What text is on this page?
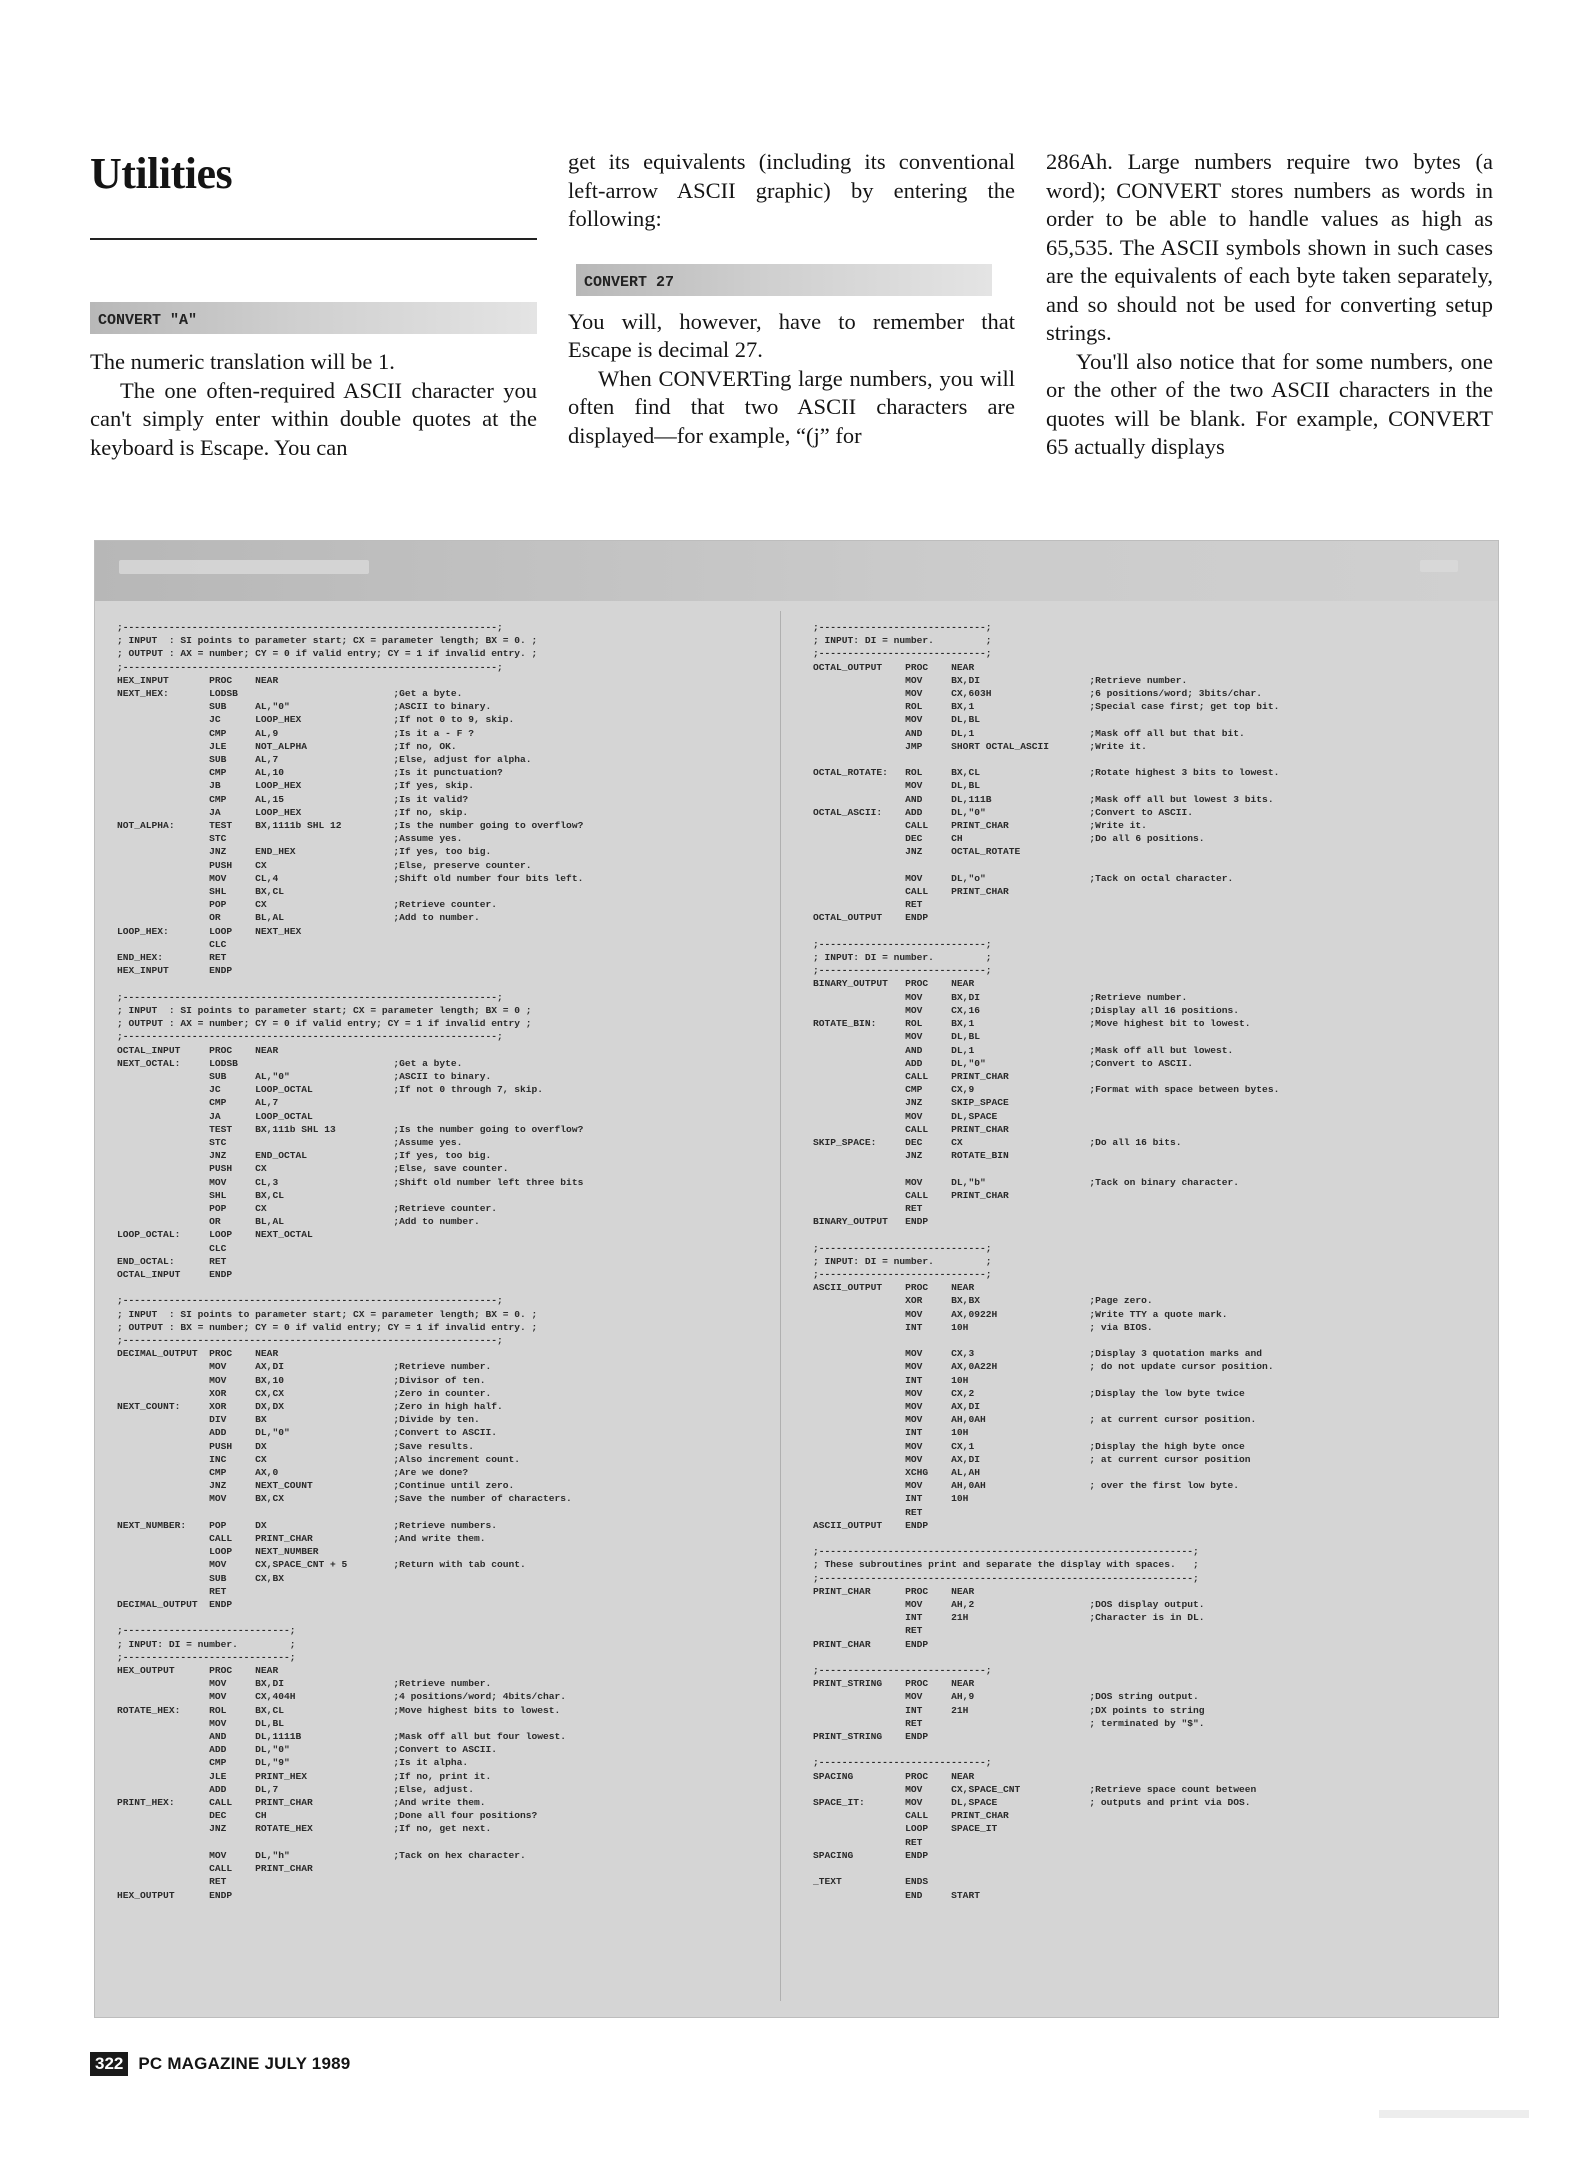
Utilities
CONVERT "A"

The numeric translation will be 1.

The one often-required ASCII character you can't simply enter within double quotes at the keyboard is Escape. You can

get its equivalents (including its conventional left-arrow ASCII graphic) by entering the following:

CONVERT 27

You will, however, have to remember that Escape is decimal 27.

When CONVERTing large numbers, you will often find that two ASCII characters are displayed—for example, “(j” for

286Ah. Large numbers require two bytes (a word); CONVERT stores numbers as words in order to be able to handle values as high as 65,535. The ASCII symbols shown in such cases are the equivalents of each byte taken separately, and so should not be used for converting setup strings.

You'll also notice that for some numbers, one or the other of the two ASCII characters in the quotes will be blank. For example, CONVERT 65 actually displays

;-----------------------------------------------------------------;
; INPUT  : SI points to parameter start; CX = parameter length; BX = 0. ;
; OUTPUT : AX = number; CY = 0 if valid entry; CY = 1 if invalid entry. ;
;-----------------------------------------------------------------;
HEX_INPUT       PROC    NEAR
NEXT_HEX:       LODSB                           ;Get a byte.
SUB     AL,"0"                  ;ASCII to binary.
JC      LOOP_HEX                ;If not 0 to 9, skip.
CMP     AL,9                    ;Is it a - F ?
JLE     NOT_ALPHA               ;If no, OK.
SUB     AL,7                    ;Else, adjust for alpha.
CMP     AL,10                   ;Is it punctuation?
JB      LOOP_HEX                ;If yes, skip.
CMP     AL,15                   ;Is it valid?
JA      LOOP_HEX                ;If no, skip.
NOT_ALPHA:      TEST    BX,1111b SHL 12         ;Is the number going to overflow?
STC                             ;Assume yes.
JNZ     END_HEX                 ;If yes, too big.
PUSH    CX                      ;Else, preserve counter.
MOV     CL,4                    ;Shift old number four bits left.
SHL     BX,CL
POP     CX                      ;Retrieve counter.
OR      BL,AL                   ;Add to number.
LOOP_HEX:       LOOP    NEXT_HEX
CLC
END_HEX:        RET
HEX_INPUT       ENDP

;-----------------------------------------------------------------;
; INPUT  : SI points to parameter start; CX = parameter length; BX = 0 ;
; OUTPUT : AX = number; CY = 0 if valid entry; CY = 1 if invalid entry ;
;-----------------------------------------------------------------;
OCTAL_INPUT     PROC    NEAR
NEXT_OCTAL:     LODSB                           ;Get a byte.
SUB     AL,"0"                  ;ASCII to binary.
JC      LOOP_OCTAL              ;If not 0 through 7, skip.
CMP     AL,7
JA      LOOP_OCTAL
TEST    BX,111b SHL 13          ;Is the number going to overflow?
STC                             ;Assume yes.
JNZ     END_OCTAL               ;If yes, too big.
PUSH    CX                      ;Else, save counter.
MOV     CL,3                    ;Shift old number left three bits
SHL     BX,CL
POP     CX                      ;Retrieve counter.
OR      BL,AL                   ;Add to number.
LOOP_OCTAL:     LOOP    NEXT_OCTAL
CLC
END_OCTAL:      RET
OCTAL_INPUT     ENDP

;-----------------------------------------------------------------;
; INPUT  : SI points to parameter start; CX = parameter length; BX = 0. ;
; OUTPUT : BX = number; CY = 0 if valid entry; CY = 1 if invalid entry. ;
;-----------------------------------------------------------------;
DECIMAL_OUTPUT  PROC    NEAR
MOV     AX,DI                   ;Retrieve number.
MOV     BX,10                   ;Divisor of ten.
XOR     CX,CX                   ;Zero in counter.
NEXT_COUNT:     XOR     DX,DX                   ;Zero in high half.
DIV     BX                      ;Divide by ten.
ADD     DL,"0"                  ;Convert to ASCII.
PUSH    DX                      ;Save results.
INC     CX                      ;Also increment count.
CMP     AX,0                    ;Are we done?
JNZ     NEXT_COUNT              ;Continue until zero.
MOV     BX,CX                   ;Save the number of characters.

NEXT_NUMBER:    POP     DX                      ;Retrieve numbers.
CALL    PRINT_CHAR              ;And write them.
LOOP    NEXT_NUMBER
MOV     CX,SPACE_CNT + 5        ;Return with tab count.
SUB     CX,BX
RET
DECIMAL_OUTPUT  ENDP

;-----------------------------;
; INPUT: DI = number.         ;
;-----------------------------;
HEX_OUTPUT      PROC    NEAR
MOV     BX,DI                   ;Retrieve number.
MOV     CX,404H                 ;4 positions/word; 4bits/char.
ROTATE_HEX:     ROL     BX,CL                   ;Move highest bits to lowest.
MOV     DL,BL
AND     DL,1111B                ;Mask off all but four lowest.
ADD     DL,"0"                  ;Convert to ASCII.
CMP     DL,"9"                  ;Is it alpha.
JLE     PRINT_HEX               ;If no, print it.
ADD     DL,7                    ;Else, adjust.
PRINT_HEX:      CALL    PRINT_CHAR              ;And write them.
DEC     CH                      ;Done all four positions?
JNZ     ROTATE_HEX              ;If no, get next.

MOV     DL,"h"                  ;Tack on hex character.
CALL    PRINT_CHAR
RET
HEX_OUTPUT      ENDP
;-----------------------------;
; INPUT: DI = number.         ;
;-----------------------------;
OCTAL_OUTPUT    PROC    NEAR
MOV     BX,DI                   ;Retrieve number.
MOV     CX,603H                 ;6 positions/word; 3bits/char.
ROL     BX,1                    ;Special case first; get top bit.
MOV     DL,BL
AND     DL,1                    ;Mask off all but that bit.
JMP     SHORT OCTAL_ASCII       ;Write it.

OCTAL_ROTATE:   ROL     BX,CL                   ;Rotate highest 3 bits to lowest.
MOV     DL,BL
AND     DL,111B                 ;Mask off all but lowest 3 bits.
OCTAL_ASCII:    ADD     DL,"0"                  ;Convert to ASCII.
CALL    PRINT_CHAR              ;Write it.
DEC     CH                      ;Do all 6 positions.
JNZ     OCTAL_ROTATE

MOV     DL,"o"                  ;Tack on octal character.
CALL    PRINT_CHAR
RET
OCTAL_OUTPUT    ENDP

;-----------------------------;
; INPUT: DI = number.         ;
;-----------------------------;
BINARY_OUTPUT   PROC    NEAR
MOV     BX,DI                   ;Retrieve number.
MOV     CX,16                   ;Display all 16 positions.
ROTATE_BIN:     ROL     BX,1                    ;Move highest bit to lowest.
MOV     DL,BL
AND     DL,1                    ;Mask off all but lowest.
ADD     DL,"0"                  ;Convert to ASCII.
CALL    PRINT_CHAR
CMP     CX,9                    ;Format with space between bytes.
JNZ     SKIP_SPACE
MOV     DL,SPACE
CALL    PRINT_CHAR
SKIP_SPACE:     DEC     CX                      ;Do all 16 bits.
JNZ     ROTATE_BIN

MOV     DL,"b"                  ;Tack on binary character.
CALL    PRINT_CHAR
RET
BINARY_OUTPUT   ENDP

;-----------------------------;
; INPUT: DI = number.         ;
;-----------------------------;
ASCII_OUTPUT    PROC    NEAR
XOR     BX,BX                   ;Page zero.
MOV     AX,0922H                ;Write TTY a quote mark.
INT     10H                     ; via BIOS.

MOV     CX,3                    ;Display 3 quotation marks and
MOV     AX,0A22H                ; do not update cursor position.
INT     10H
MOV     CX,2                    ;Display the low byte twice
MOV     AX,DI
MOV     AH,0AH                  ; at current cursor position.
INT     10H
MOV     CX,1                    ;Display the high byte once
MOV     AX,DI                   ; at current cursor position
XCHG    AL,AH
MOV     AH,0AH                  ; over the first low byte.
INT     10H
RET
ASCII_OUTPUT    ENDP

;-----------------------------------------------------------------;
; These subroutines print and separate the display with spaces.   ;
;-----------------------------------------------------------------;
PRINT_CHAR      PROC    NEAR
MOV     AH,2                    ;DOS display output.
INT     21H                     ;Character is in DL.
RET
PRINT_CHAR      ENDP

;-----------------------------;
PRINT_STRING    PROC    NEAR
MOV     AH,9                    ;DOS string output.
INT     21H                     ;DX points to string
RET                             ; terminated by "$".
PRINT_STRING    ENDP

;-----------------------------;
SPACING         PROC    NEAR
MOV     CX,SPACE_CNT            ;Retrieve space count between
SPACE_IT:       MOV     DL,SPACE                ; outputs and print via DOS.
CALL    PRINT_CHAR
LOOP    SPACE_IT
RET
SPACING         ENDP

_TEXT           ENDS
END     START
322 PC MAGAZINE JULY 1989
